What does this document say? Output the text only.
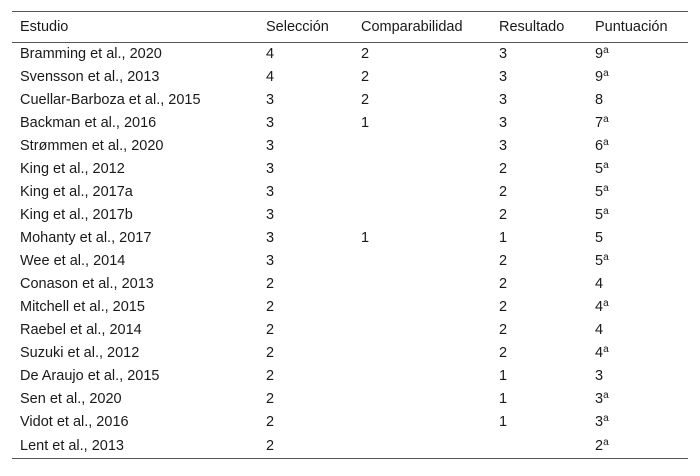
Estudio	Selección	Comparabilidad	Resultado	Puntuación
Bramming et al., 2020	4	2	3	9$^a$
Svensson et al., 2013	4	2	3	9$^a$
Cuellar-Barboza et al., 2015	3	2	3	8
Backman et al., 2016	3	1	3	7$^a$
Strømmen et al., 2020	3		3	6$^a$
King et al., 2012	3		2	5$^a$
King et al., 2017a	3		2	5$^a$
King et al., 2017b	3		2	5$^a$
Mohanty et al., 2017	3	1	1	5
Wee et al., 2014	3		2	5$^a$
Conason et al., 2013	2		2	4
Mitchell et al., 2015	2		2	4$^a$
Raebel et al., 2014	2		2	4
Suzuki et al., 2012	2		2	4$^a$
De Araujo et al., 2015	2		1	3
Sen et al., 2020	2		1	3$^a$
Vidot et al., 2016	2		1	3$^a$
Lent et al., 2013	2			2$^a$
